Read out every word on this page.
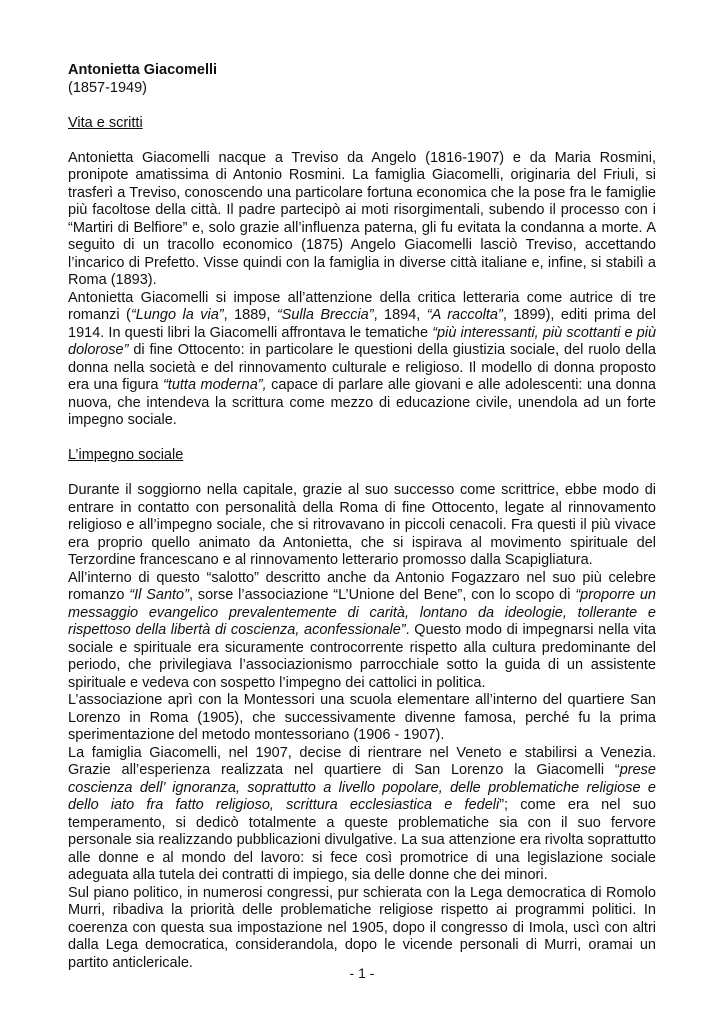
Antonietta Giacomelli
(1857-1949)
Vita e scritti

Antonietta Giacomelli nacque a Treviso da Angelo (1816-1907) e da Maria Rosmini, pronipote amatissima di Antonio Rosmini. La famiglia Giacomelli, originaria del Friuli, si trasferì a Treviso, conoscendo una particolare fortuna economica che la pose fra le famiglie più facoltose della città. Il padre partecipò ai moti risorgimentali, subendo il processo con i “Martiri di Belfiore” e, solo grazie all’influenza paterna, gli fu evitata la condanna a morte. A seguito di un tracollo economico (1875) Angelo Giacomelli lasciò Treviso, accettando l’incarico di Prefetto. Visse quindi con la famiglia in diverse città italiane e, infine, si stabilì a Roma (1893).

Antonietta Giacomelli si impose all’attenzione della critica letteraria come autrice di tre romanzi (“Lungo la via”, 1889, “Sulla Breccia”, 1894, “A raccolta”, 1899), editi prima del 1914. In questi libri la Giacomelli affrontava le tematiche “più interessanti, più scottanti e più dolorose” di fine Ottocento: in particolare le questioni della giustizia sociale, del ruolo della donna nella società e del rinnovamento culturale e religioso. Il modello di donna proposto era una figura “tutta moderna”, capace di parlare alle giovani e alle adolescenti: una donna nuova, che intendeva la scrittura come mezzo di educazione civile, unendola ad un forte impegno sociale.

L’impegno sociale

Durante il soggiorno nella capitale, grazie al suo successo come scrittrice, ebbe modo di entrare in contatto con personalità della Roma di fine Ottocento, legate al rinnovamento religioso e all’impegno sociale, che si ritrovavano in piccoli cenacoli. Fra questi il più vivace era proprio quello animato da Antonietta, che si ispirava al movimento spirituale del Terzordine francescano e al rinnovamento letterario promosso dalla Scapigliatura.

All’interno di questo “salotto” descritto anche da Antonio Fogazzaro nel suo più celebre romanzo “Il Santo”, sorse l’associazione “L’Unione del Bene”, con lo scopo di “proporre un messaggio evangelico prevalentemente di carità, lontano da ideologie, tollerante e rispettoso della libertà di coscienza, aconfessionale”. Questo modo di impegnarsi nella vita sociale e spirituale era sicuramente controcorrente rispetto alla cultura predominante del periodo, che privilegiava l’associazionismo parrocchiale sotto la guida di un assistente spirituale e vedeva con sospetto l’impegno dei cattolici in politica.

L’associazione aprì con la Montessori una scuola elementare all’interno del quartiere San Lorenzo in Roma (1905), che successivamente divenne famosa, perché fu la prima sperimentazione del metodo montessoriano (1906 - 1907).

La famiglia Giacomelli, nel 1907, decise di rientrare nel Veneto e stabilirsi a Venezia. Grazie all’esperienza realizzata nel quartiere di San Lorenzo la Giacomelli “prese coscienza dell’ ignoranza, soprattutto a livello popolare, delle problematiche religiose e dello iato fra fatto religioso, scrittura ecclesiastica e fedeli”; come era nel suo temperamento, si dedicò totalmente a queste problematiche sia con il suo fervore personale sia realizzando pubblicazioni divulgative. La sua attenzione era rivolta soprattutto alle donne e al mondo del lavoro: si fece così promotrice di una legislazione sociale adeguata alla tutela dei contratti di impiego, sia delle donne che dei minori.

Sul piano politico, in numerosi congressi, pur schierata con la Lega democratica di Romolo Murri, ribadiva la priorità delle problematiche religiose rispetto ai programmi politici. In coerenza con questa sua impostazione nel 1905, dopo il congresso di Imola, uscì con altri dalla Lega democratica, considerandola, dopo le vicende personali di Murri, oramai un partito anticlericale.

- 1 -
